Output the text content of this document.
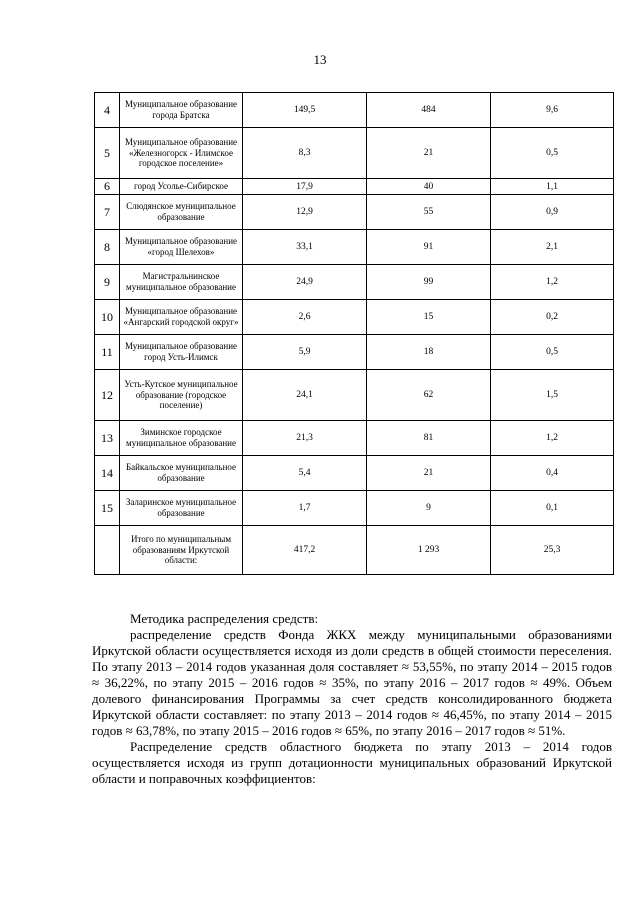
13
4	Муниципальное образование города Братска	149,5	484	9,6
5	Муниципальное образование «Железногорск - Илимское городское поселение»	8,3	21	0,5
6	город Усолье-Сибирское	17,9	40	1,1
7	Слюдянское муниципальное образование	12,9	55	0,9
8	Муниципальное образование «город Шелехов»	33,1	91	2,1
9	Магистральнинское муниципальное образование	24,9	99	1,2
10	Муниципальное образование «Ангарский городской округ»	2,6	15	0,2
11	Муниципальное образование город Усть-Илимск	5,9	18	0,5
12	Усть-Кутское муниципальное образование (городское поселение)	24,1	62	1,5
13	Зиминское городское муниципальное образование	21,3	81	1,2
14	Байкальское муниципальное образование	5,4	21	0,4
15	Заларинское муниципальное образование	1,7	9	0,1
	Итого по муниципальным образованиям Иркутской области:	417,2	1 293	25,3

Методика распределения средств:

распределение средств Фонда ЖКХ между муниципальными образованиями Иркутской области осуществляется исходя из доли средств в общей стоимости переселения. По этапу 2013 – 2014 годов указанная доля составляет ≈ 53,55%, по этапу 2014 – 2015 годов ≈ 36,22%, по этапу 2015 – 2016 годов ≈ 35%, по этапу 2016 – 2017 годов ≈ 49%. Объем долевого финансирования Программы за счет средств консолидированного бюджета Иркутской области составляет: по этапу 2013 – 2014 годов ≈ 46,45%, по этапу 2014 – 2015 годов ≈ 63,78%, по этапу 2015 – 2016 годов ≈ 65%, по этапу 2016 – 2017 годов ≈ 51%.

Распределение средств областного бюджета по этапу 2013 – 2014 годов осуществляется исходя из групп дотационности муниципальных образований Иркутской области и поправочных коэффициентов:
